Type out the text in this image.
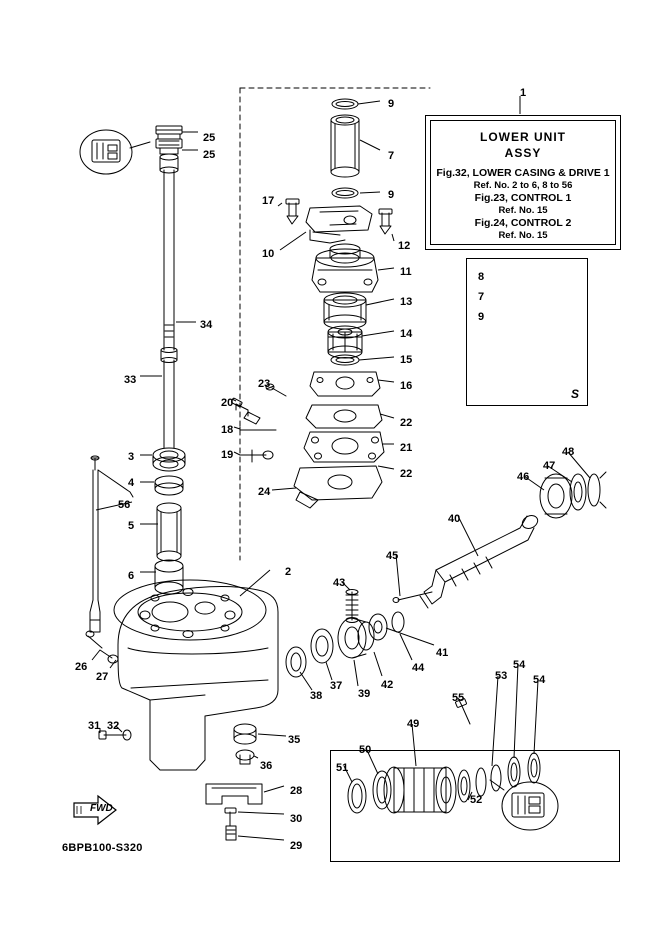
LOWER UNIT
ASSY
Fig.32, LOWER CASING & DRIVE 1
Ref. No. 2 to 6, 8 to 56
Fig.23, CONTROL 1
Ref. No. 15
Fig.24, CONTROL 2
Ref. No. 15
S
FWD
6BPB100-S320
1
9
7
25
25
17	9
10
12
11
13
14
15
16
23
20
18
19
22
21
22
24
34
33
3
4
56
5
6	2
26
27
31 32
35
36
38
37
39
42
44
41
43
45
40
46
47
48
49
50
51
52
55
53
54
54
28
30
29
8
7
9
